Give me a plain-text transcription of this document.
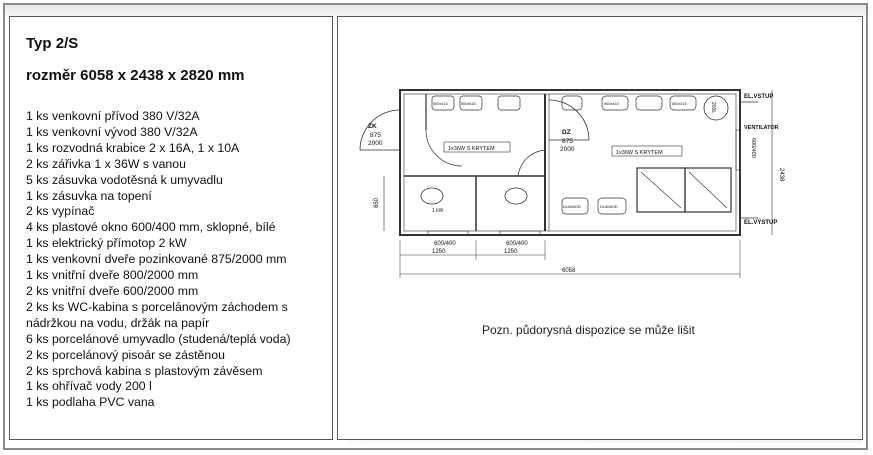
Typ 2/S
rozměr 6058 x 2438 x 2820 mm
1 ks venkovní přívod 380 V/32A
1 ks venkovní vývod 380 V/32A
1 ks rozvodná krabice 2 x 16A, 1 x 10A
2 ks zářivka 1 x 36W s vanou
5 ks zásuvka vodotěsná k umyvadlu
1 ks zásuvka na topení
2 ks vypínač
4 ks plastové okno 600/400 mm, sklopné, bílé
1 ks elektrický přímotop 2 kW
1 ks venkovní dveře pozinkované 875/2000 mm
1 ks vnitřní dveře 800/2000 mm
2 ks vnitřní dveře 600/2000 mm
2 ks ks WC-kabina s porcelánovým záchodem s
nádržkou na vodu, držák na papír
6 ks porcelánové umyvadlo (studená/teplá voda)
2 ks porcelánový pisoár se zástěnou
2 ks sprchová kabina s plastovým závěsem
1 ks ohřívač vody 200 l
1 ks podlaha PVC vana
ZK
875
2000
DZ
875
2000
1x36W S KRYTEM
1x36W S KRYTEM
EL.VSTUP
EL.VÝSTUP
VENTILATOR
600/400
200L
1 kW
600/400	600/400
850
1250	1250
6058
2438
500x415	500x415	500x415	500x415
DUAMOD	DUAMOD
Pozn. půdorysná dispozice se může lišit
